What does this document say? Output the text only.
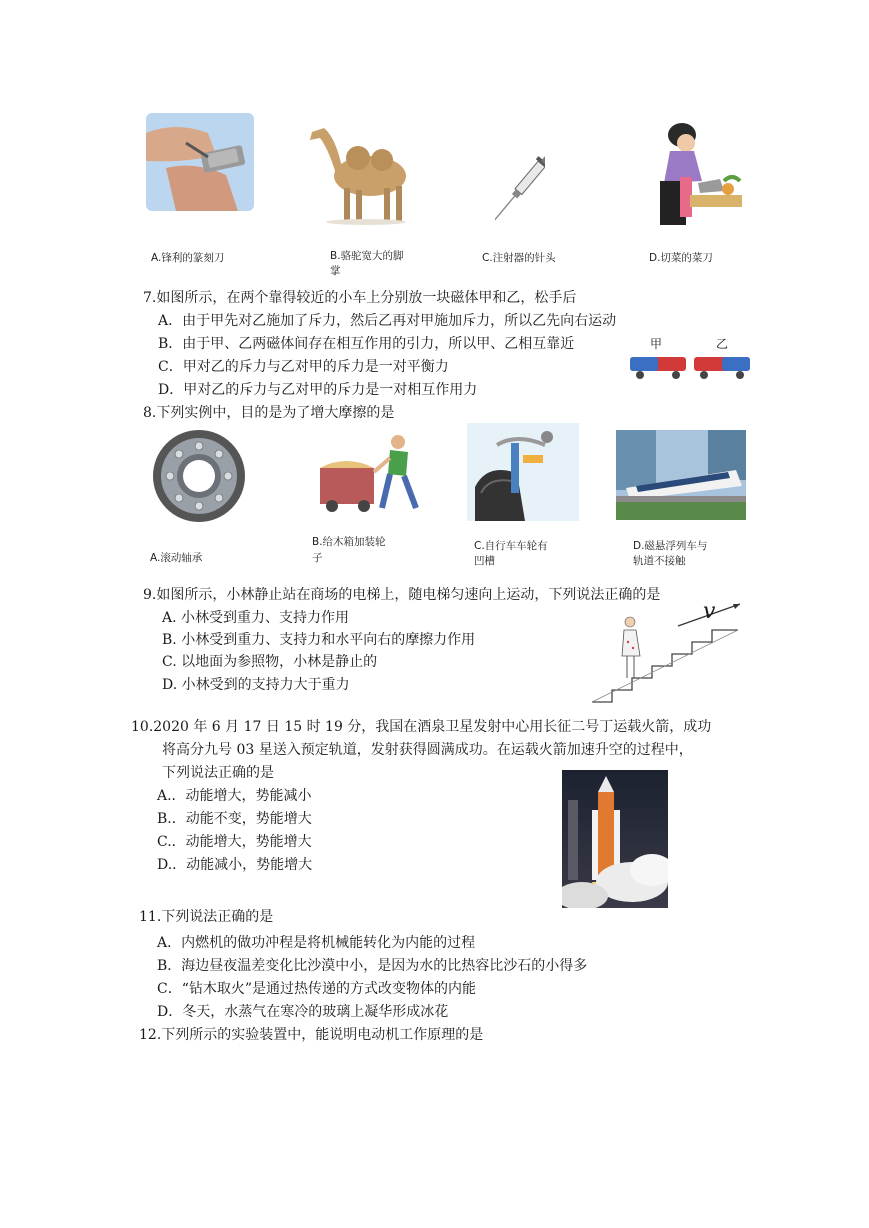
A.锋利的篆刻刀	B.骆驼宽大的脚
掌
C.注射器的针头	D.切菜的菜刀
7.如图所示，在两个靠得较近的小车上分别放一块磁体甲和乙，松手后
A．由于甲先对乙施加了斥力，然后乙再对甲施加斥力，所以乙先向右运动
B．由于甲、乙两磁体间存在相互作用的引力，所以甲、乙相互靠近
C．甲对乙的斥力与乙对甲的斥力是一对平衡力
D．甲对乙的斥力与乙对甲的斥力是一对相互作用力
甲	乙
8.下列实例中，目的是为了增大摩擦的是
A.滚动轴承
B.给木箱加装轮
子
C.自行车车轮有
凹槽
D.磁悬浮列车与
轨道不接触
9.如图所示，小林静止站在商场的电梯上，随电梯匀速向上运动，下列说法正确的是
A. 小林受到重力、支持力作用
B. 小林受到重力、支持力和水平向右的摩擦力作用
C. 以地面为参照物，小林是静止的
D. 小林受到的支持力大于重力
v
10.2020 年 6 月 17 日 15 时 19 分，我国在酒泉卫星发射中心用长征二号丁运载火箭，成功
将高分九号 03 星送入预定轨道，发射获得圆满成功。在运载火箭加速升空的过程中，
下列说法正确的是
A.．动能增大，势能减小
B.．动能不变，势能增大
C.．动能增大，势能增大
D.．动能减小，势能增大
11.下列说法正确的是
A．内燃机的做功冲程是将机械能转化为内能的过程
B．海边昼夜温差变化比沙漠中小，是因为水的比热容比沙石的小得多
C．“钻木取火”是通过热传递的方式改变物体的内能
D．冬天，水蒸气在寒冷的玻璃上凝华形成冰花
12.下列所示的实验装置中，能说明电动机工作原理的是
